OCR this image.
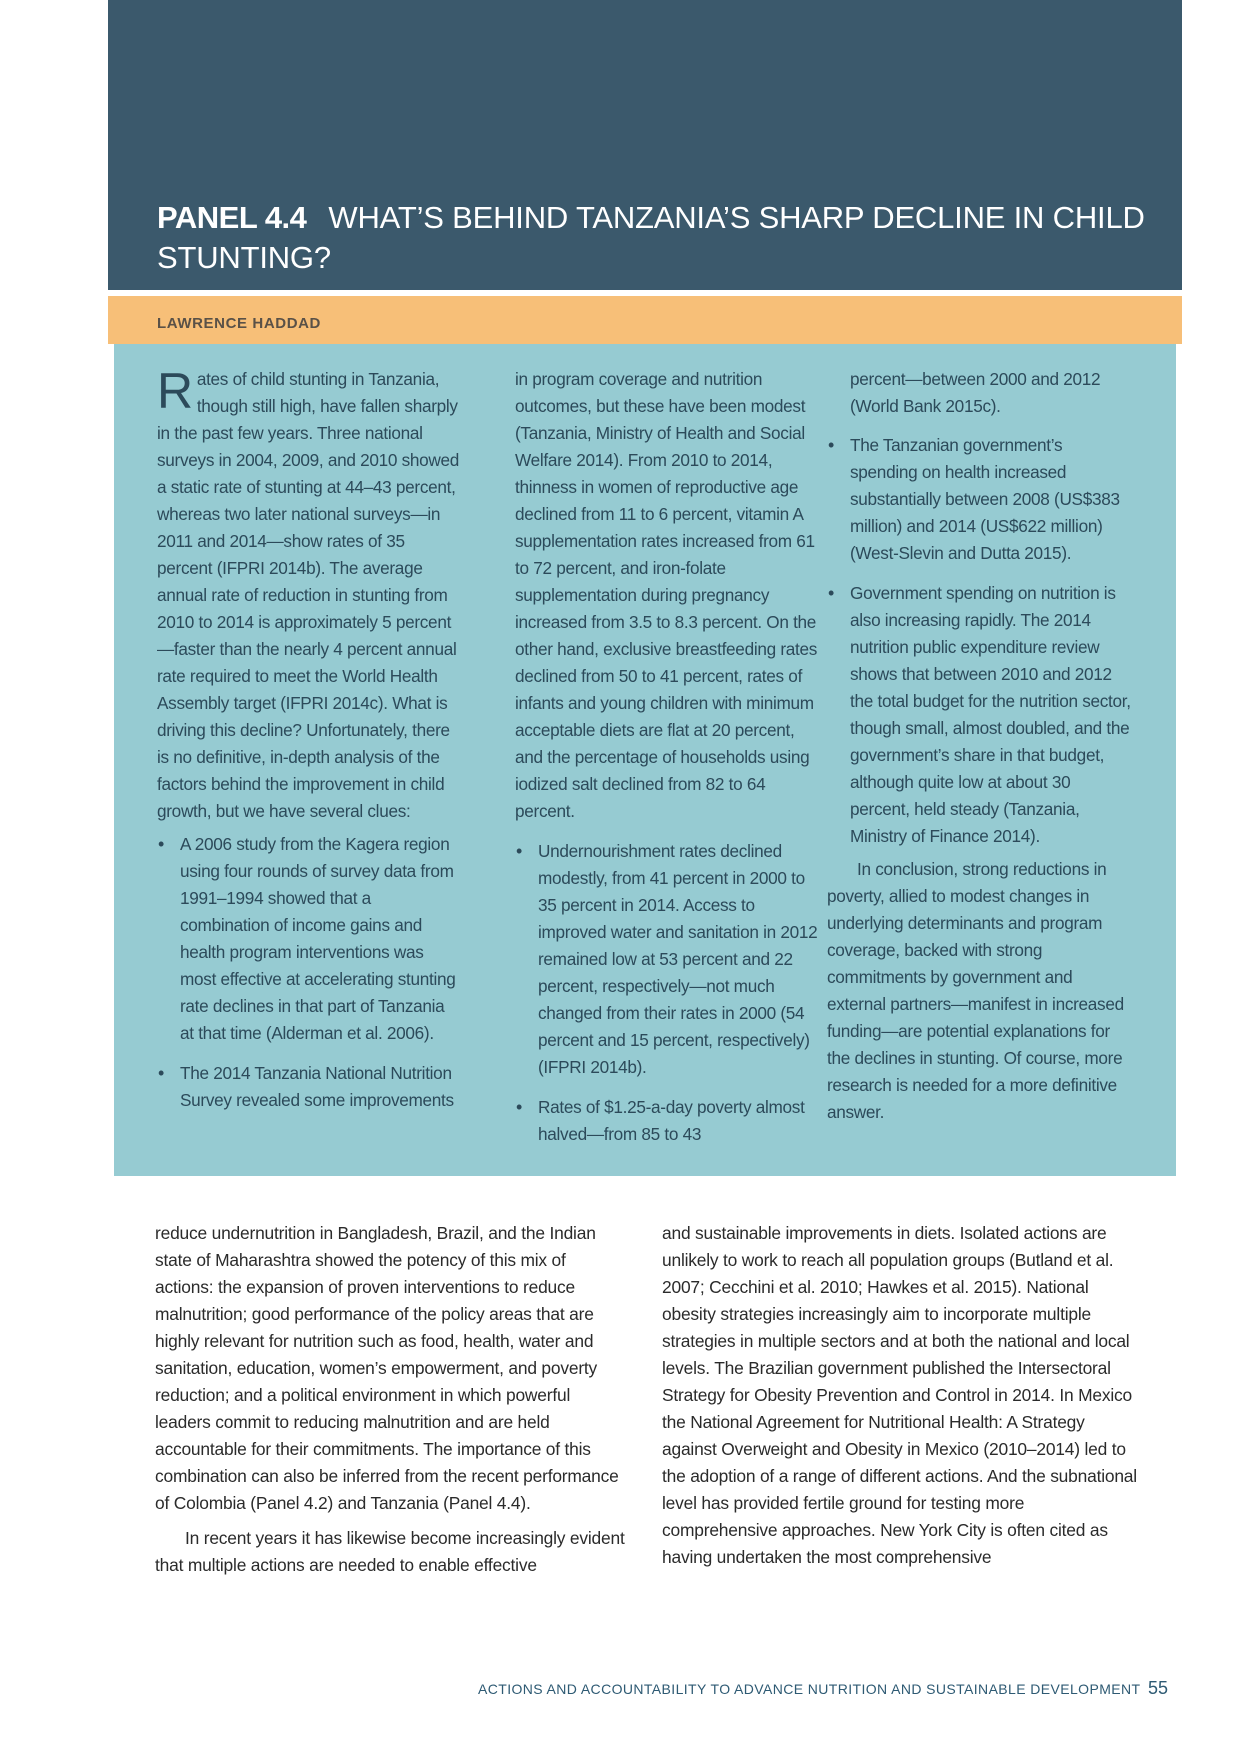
PANEL 4.4 WHAT’S BEHIND TANZANIA’S SHARP DECLINE IN CHILD STUNTING?
LAWRENCE HADDAD

Rates of child stunting in Tanzania, though still high, have fallen sharply in the past few years. Three national surveys in 2004, 2009, and 2010 showed a static rate of stunting at 44–43 percent, whereas two later national surveys—in 2011 and 2014—show rates of 35 percent (IFPRI 2014b). The average annual rate of reduction in stunting from 2010 to 2014 is approximately 5 percent—faster than the nearly 4 percent annual rate required to meet the World Health Assembly target (IFPRI 2014c). What is driving this decline? Unfortunately, there is no definitive, in-depth analysis of the factors behind the improvement in child growth, but we have several clues:

• A 2006 study from the Kagera region using four rounds of survey data from 1991–1994 showed that a combination of income gains and health program interventions was most effective at accelerating stunting rate declines in that part of Tanzania at that time (Alderman et al. 2006).
• The 2014 Tanzania National Nutrition Survey revealed some improvements

in program coverage and nutrition outcomes, but these have been modest (Tanzania, Ministry of Health and Social Welfare 2014). From 2010 to 2014, thinness in women of reproductive age declined from 11 to 6 percent, vitamin A supplementation rates increased from 61 to 72 percent, and iron-folate supplementation during pregnancy increased from 3.5 to 8.3 percent. On the other hand, exclusive breastfeeding rates declined from 50 to 41 percent, rates of infants and young children with minimum acceptable diets are flat at 20 percent, and the percentage of households using iodized salt declined from 82 to 64 percent.

• Undernourishment rates declined modestly, from 41 percent in 2000 to 35 percent in 2014. Access to improved water and sanitation in 2012 remained low at 53 percent and 22 percent, respectively—not much changed from their rates in 2000 (54 percent and 15 percent, respectively) (IFPRI 2014b).
• Rates of $1.25-a-day poverty almost halved—from 85 to 43
percent—between 2000 and 2012 (World Bank 2015c).
• The Tanzanian government’s spending on health increased substantially between 2008 (US$383 million) and 2014 (US$622 million) (West-Slevin and Dutta 2015).
• Government spending on nutrition is also increasing rapidly. The 2014 nutrition public expenditure review shows that between 2010 and 2012 the total budget for the nutrition sector, though small, almost doubled, and the government’s share in that budget, although quite low at about 30 percent, held steady (Tanzania, Ministry of Finance 2014).

In conclusion, strong reductions in poverty, allied to modest changes in underlying determinants and program coverage, backed with strong commitments by government and external partners—manifest in increased funding—are potential explanations for the declines in stunting. Of course, more research is needed for a more definitive answer.

reduce undernutrition in Bangladesh, Brazil, and the Indian state of Maharashtra showed the potency of this mix of actions: the expansion of proven interventions to reduce malnutrition; good performance of the policy areas that are highly relevant for nutrition such as food, health, water and sanitation, education, women’s empowerment, and poverty reduction; and a political environment in which powerful leaders commit to reducing malnutrition and are held accountable for their commitments. The importance of this combination can also be inferred from the recent performance of Colombia (Panel 4.2) and Tanzania (Panel 4.4).

In recent years it has likewise become increasingly evident that multiple actions are needed to enable effective

and sustainable improvements in diets. Isolated actions are unlikely to work to reach all population groups (Butland et al. 2007; Cecchini et al. 2010; Hawkes et al. 2015). National obesity strategies increasingly aim to incorporate multiple strategies in multiple sectors and at both the national and local levels. The Brazilian government published the Intersectoral Strategy for Obesity Prevention and Control in 2014. In Mexico the National Agreement for Nutritional Health: A Strategy against Overweight and Obesity in Mexico (2010–2014) led to the adoption of a range of different actions. And the subnational level has provided fertile ground for testing more comprehensive approaches. New York City is often cited as having undertaken the most comprehensive

ACTIONS AND ACCOUNTABILITY TO ADVANCE NUTRITION AND SUSTAINABLE DEVELOPMENT 55
